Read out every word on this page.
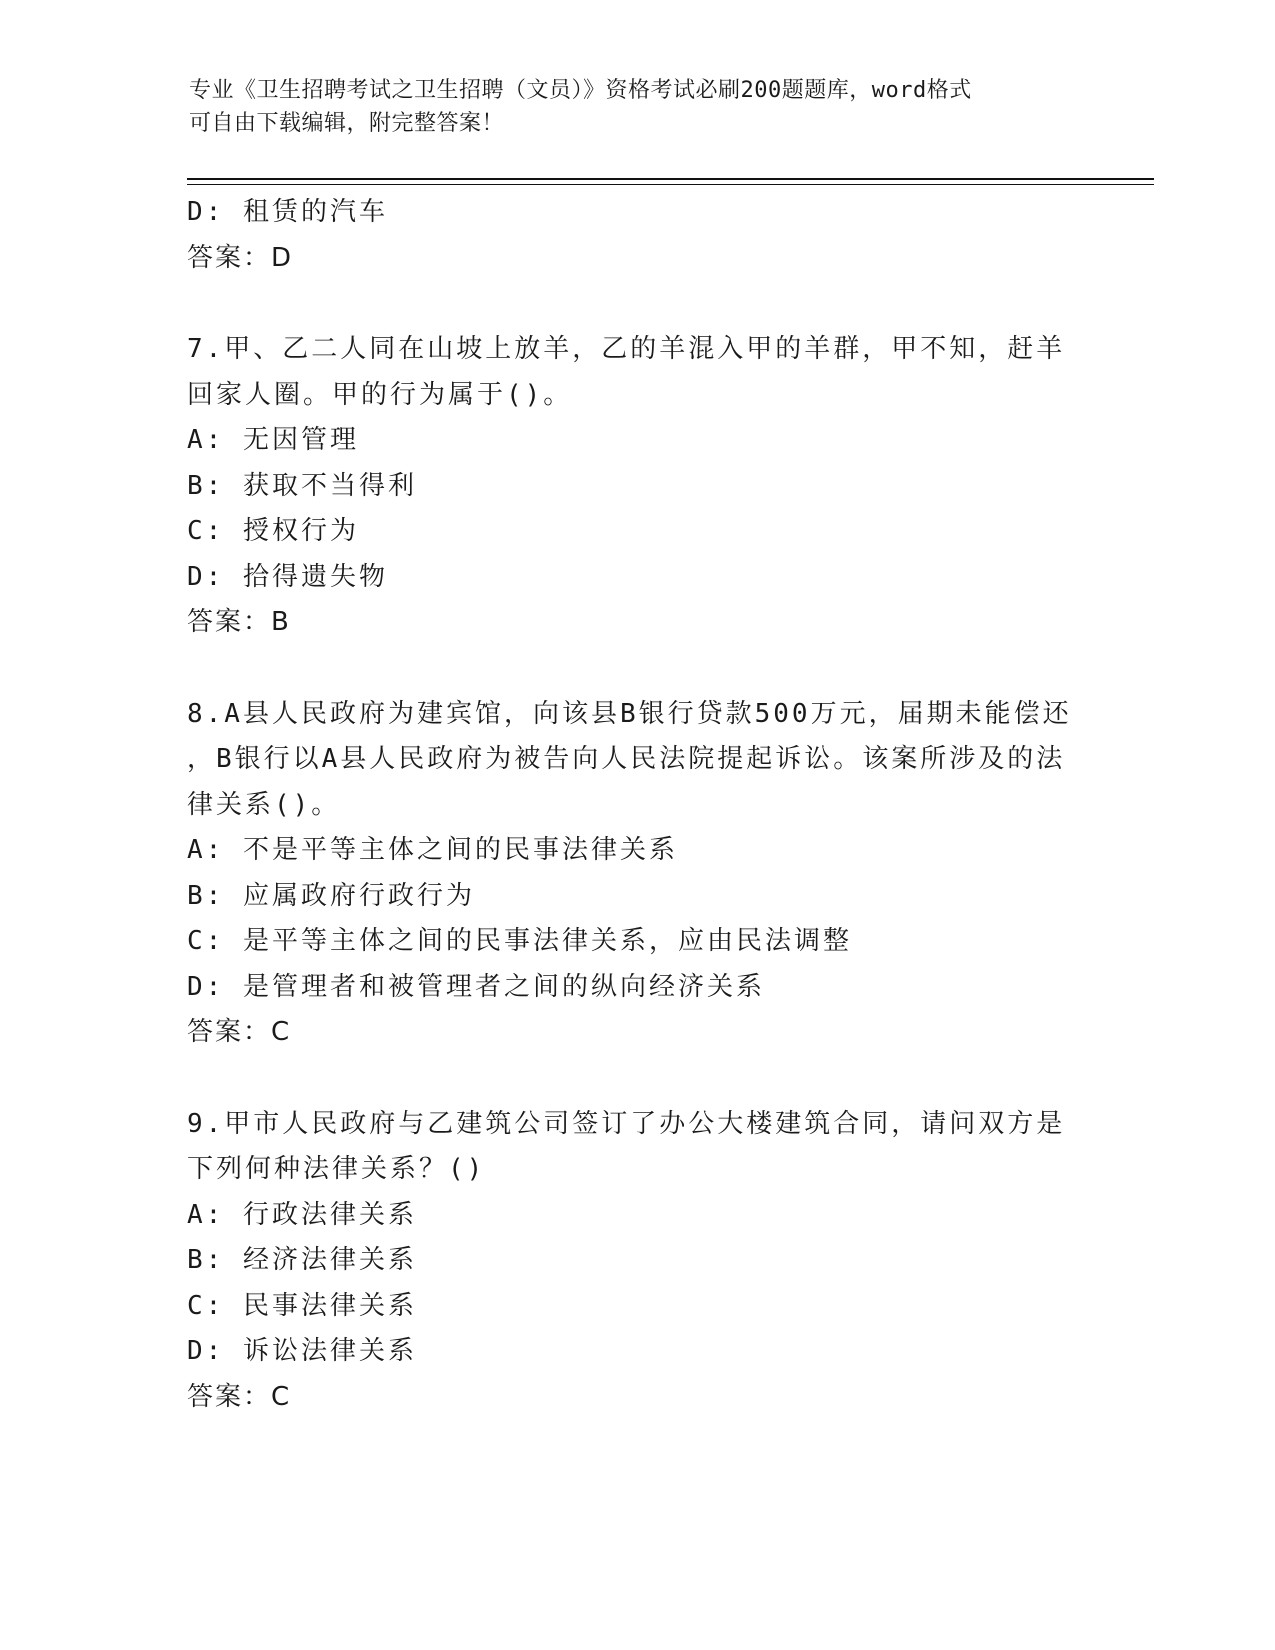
专业《卫生招聘考试之卫生招聘（文员）》资格考试必刷200题题库，word格式
可自由下载编辑，附完整答案！
D: 租赁的汽车
答案：D
7.甲、乙二人同在山坡上放羊，乙的羊混入甲的羊群，甲不知，赶羊
回家人圈。甲的行为属于()。
A: 无因管理
B: 获取不当得利
C: 授权行为
D: 拾得遗失物
答案：B
8.A县人民政府为建宾馆，向该县B银行贷款500万元，届期未能偿还
，B银行以A县人民政府为被告向人民法院提起诉讼。该案所涉及的法
律关系()。
A: 不是平等主体之间的民事法律关系
B: 应属政府行政行为
C: 是平等主体之间的民事法律关系，应由民法调整
D: 是管理者和被管理者之间的纵向经济关系
答案：C
9.甲市人民政府与乙建筑公司签订了办公大楼建筑合同，请问双方是
下列何种法律关系？()
A: 行政法律关系
B: 经济法律关系
C: 民事法律关系
D: 诉讼法律关系
答案：C
